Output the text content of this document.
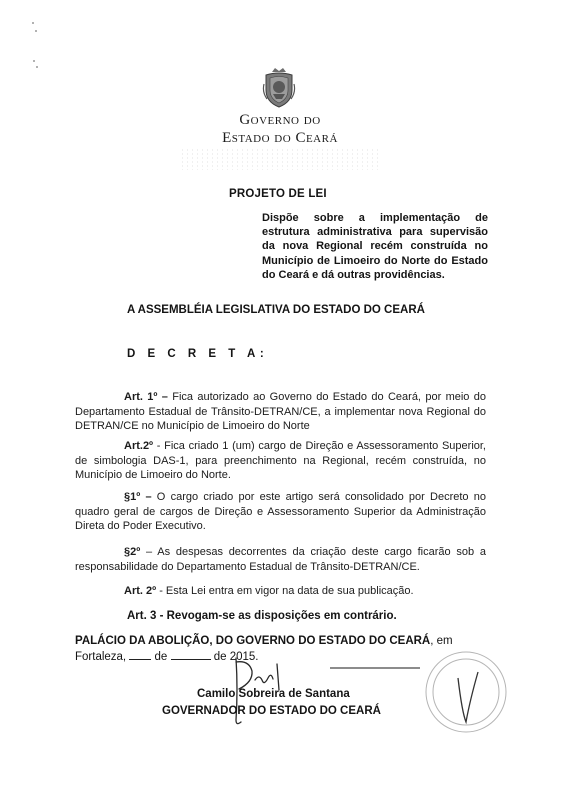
GOVERNO DO
ESTADO DO CEARÁ
PROJETO DE LEI
Dispõe sobre a implementação de estrutura administrativa para supervisão da nova Regional recém construída no Município de Limoeiro do Norte do Estado do Ceará e dá outras providências.
A ASSEMBLÉIA LEGISLATIVA DO ESTADO DO CEARÁ
D E C R E T A:
Art. 1º – Fica autorizado ao Governo do Estado do Ceará, por meio do Departamento Estadual de Trânsito-DETRAN/CE, a implementar nova Regional do DETRAN/CE no Município de Limoeiro do Norte
Art.2º - Fica criado 1 (um) cargo de Direção e Assessoramento Superior, de simbologia DAS-1, para preenchimento na Regional, recém construída, no Município de Limoeiro do Norte.
§1º – O cargo criado por este artigo será consolidado por Decreto no quadro geral de cargos de Direção e Assessoramento Superior da Administração Direta do Poder Executivo.
§2º – As despesas decorrentes da criação deste cargo ficarão sob a responsabilidade do Departamento Estadual de Trânsito-DETRAN/CE.
Art. 2º - Esta Lei entra em vigor na data de sua publicação.
Art. 3 - Revogam-se as disposições em contrário.
PALÁCIO DA ABOLIÇÃO, DO GOVERNO DO ESTADO DO CEARÁ, em Fortaleza,  de	de 2015.
Camilo Sobreira de Santana
GOVERNADOR DO ESTADO DO CEARÁ
